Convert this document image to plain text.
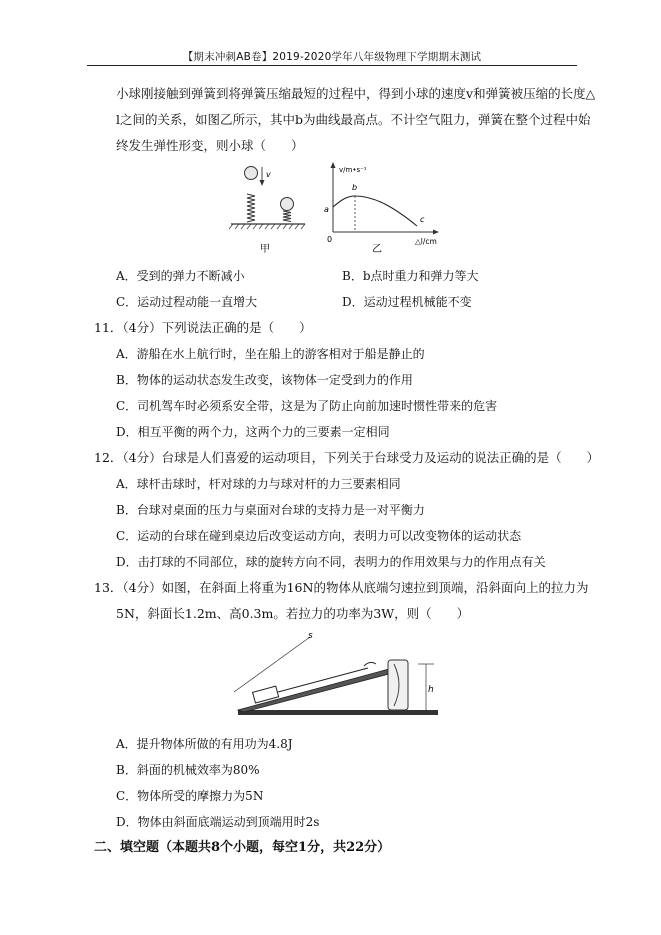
【期末冲刺AB卷】2019-2020学年八年级物理下学期期末测试
小球刚接触到弹簧到将弹簧压缩最短的过程中，得到小球的速度v和弹簧被压缩的长度△
l之间的关系，如图乙所示，其中b为曲线最高点。不计空气阻力，弹簧在整个过程中始
终发生弹性形变，则小球（　　）
v
甲
v/m•s⁻¹
△l/cm
0
a
b
c
乙
A．受到的弹力不断减小	B．b点时重力和弹力等大
C．运动过程动能一直增大	D．运动过程机械能不变
11．（4分）下列说法正确的是（　　）
A．游船在水上航行时，坐在船上的游客相对于船是静止的
B．物体的运动状态发生改变，该物体一定受到力的作用
C．司机驾车时必须系安全带，这是为了防止向前加速时惯性带来的危害
D．相互平衡的两个力，这两个力的三要素一定相同
12．（4分）台球是人们喜爱的运动项目，下列关于台球受力及运动的说法正确的是（　　）
A．球杆击球时，杆对球的力与球对杆的力三要素相同
B．台球对桌面的压力与桌面对台球的支持力是一对平衡力
C．运动的台球在碰到桌边后改变运动方向，表明力可以改变物体的运动状态
D．击打球的不同部位，球的旋转方向不同，表明力的作用效果与力的作用点有关
13．（4分）如图，在斜面上将重为16N的物体从底端匀速拉到顶端，沿斜面向上的拉力为
5N，斜面长1.2m、高0.3m。若拉力的功率为3W，则（　　）
s
h
A．提升物体所做的有用功为4.8J
B．斜面的机械效率为80%
C．物体所受的摩擦力为5N
D．物体由斜面底端运动到顶端用时2s
二、填空题（本题共8个小题，每空1分，共22分）
